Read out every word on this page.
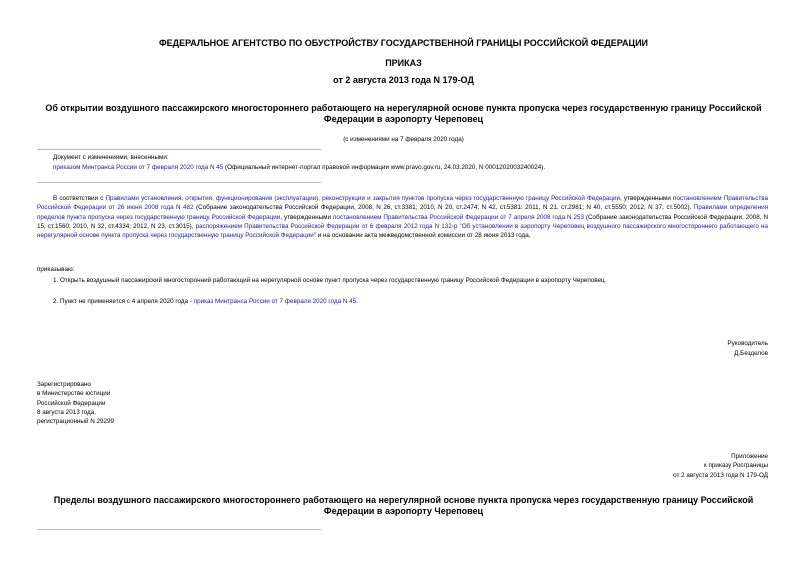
ФЕДЕРАЛЬНОЕ АГЕНТСТВО ПО ОБУСТРОЙСТВУ ГОСУДАРСТВЕННОЙ ГРАНИЦЫ РОССИЙСКОЙ ФЕДЕРАЦИИ
ПРИКАЗ
от 2 августа 2013 года N 179-ОД
Об открытии воздушного пассажирского многостороннего работающего на нерегулярной основе пункта пропуска через государственную границу Российской
Федерации в аэропорту Череповец
(с изменениями на 7 февраля 2020 года)
Документ с изменениями, внесенными:
приказом Минтранса России от 7 февраля 2020 года N 45 (Официальный интернет-портал правовой информации www.pravo.gov.ru, 24.03.2020, N 0001202003240024).
В соответствии с Правилами установления, открытия, функционирования (эксплуатации), реконструкции и закрытия пунктов пропуска через государственную границу Российской Федерации, утвержденными постановлением Правительства Российской Федерации от 26 июня 2008 года N 482 (Собрание законодательства Российской Федерации, 2008, N 26, ст.3381; 2010, N 20, ст.2474; N 42, ст.5381; 2011, N 21, ст.2981; N 40, ст.5550; 2012, N 37, ст.5002), Правилами определения пределов пункта пропуска через государственную границу Российской Федерации, утвержденными постановлением Правительства Российской Федерации от 7 апреля 2008 года N 253 (Собрание законодательства Российской Федерации, 2008, N 15, ст.1560; 2010, N 32, ст.4334; 2012, N 23, ст.3015), распоряжением Правительства Российской Федерации от 6 февраля 2012 года N 132-р "Об установлении в аэропорту Череповец воздушного пассажирского многостороннего работающего на нерегулярной основе пункта пропуска через государственную границу Российской Федерации" и на основании акта межведомственной комиссии от 28 июня 2013 года,
приказываю:
1. Открыть воздушный пассажирский многосторонний работающий на нерегулярной основе пункт пропуска через государственную границу Российской Федерации в аэропорту Череповец.
2. Пункт не применяется с 4 апреля 2020 года - приказ Минтранса России от 7 февраля 2020 года N 45.
Руководитель
Д.Безделов
Зарегистрировано
в Министерстве юстиции
Российской Федерации
8 августа 2013 года,
регистрационный N 29299
Приложение
к приказу Росграницы
от 2 августа 2013 года N 179-ОД
Пределы воздушного пассажирского многостороннего работающего на нерегулярной основе пункта пропуска через государственную границу Российской
Федерации в аэропорту Череповец
